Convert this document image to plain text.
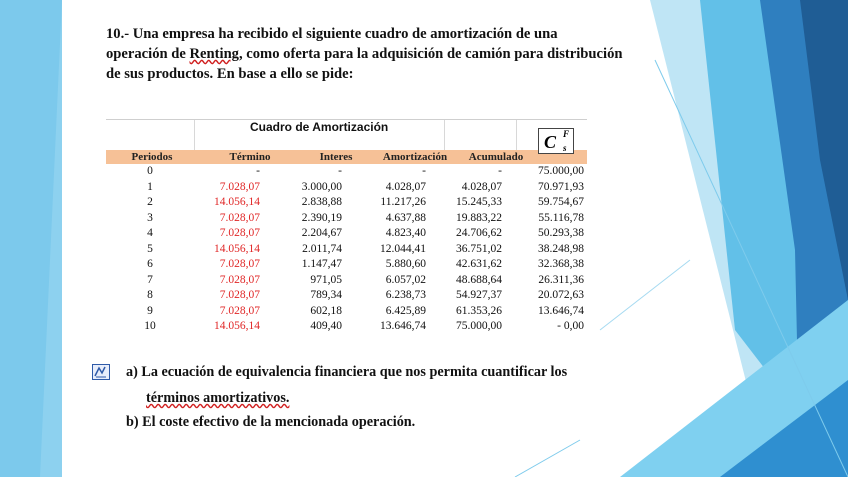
10.- Una empresa ha recibido el siguiente cuadro de amortización de una
operación de Renting, como oferta para la adquisición de camión para distribución
de sus productos. En base a ello se pide:
Cuadro de Amortización
C F
s
Periodos	Término	Interes	Amortización	Acumulado
0	-	-	-	-	75.000,00
1	7.028,07	3.000,00	4.028,07	4.028,07	70.971,93
2	14.056,14	2.838,88	11.217,26	15.245,33	59.754,67
3	7.028,07	2.390,19	4.637,88	19.883,22	55.116,78
4	7.028,07	2.204,67	4.823,40	24.706,62	50.293,38
5	14.056,14	2.011,74	12.044,41	36.751,02	38.248,98
6	7.028,07	1.147,47	5.880,60	42.631,62	32.368,38
7	7.028,07	971,05	6.057,02	48.688,64	26.311,36
8	7.028,07	789,34	6.238,73	54.927,37	20.072,63
9	7.028,07	602,18	6.425,89	61.353,26	13.646,74
10	14.056,14	409,40	13.646,74	75.000,00	- 0,00
a) La ecuación de equivalencia financiera que nos permita cuantificar los
términos amortizativos.
b) El coste efectivo de la mencionada operación.
